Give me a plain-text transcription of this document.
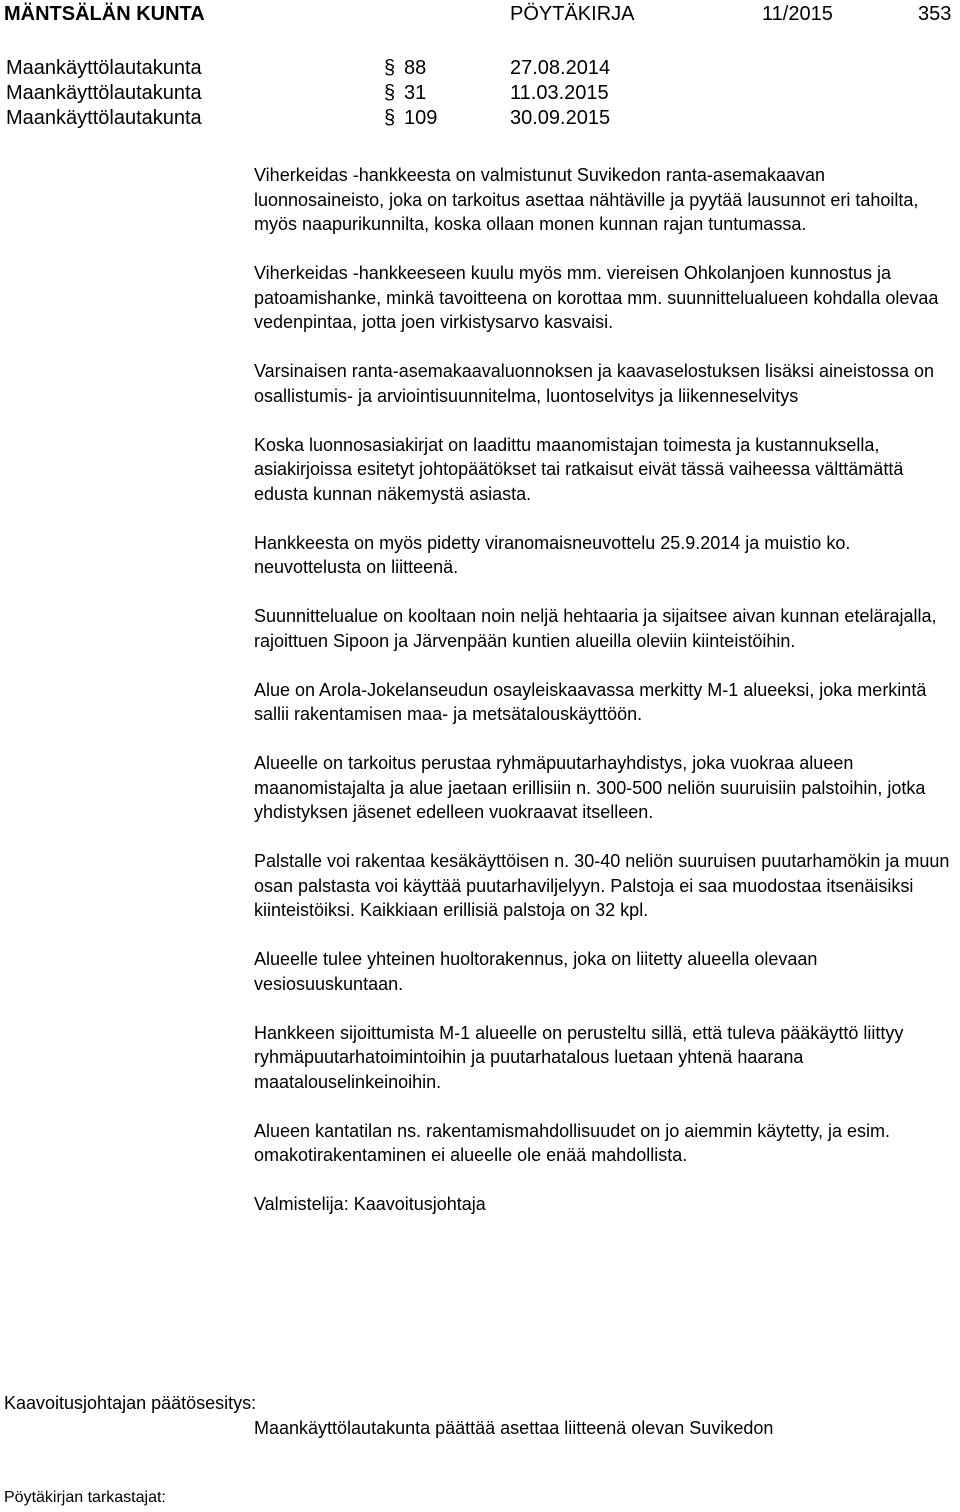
MÄNTSÄLÄN KUNTA	PÖYTÄKIRJA	11/2015	353
Maankäyttölautakunta	§ 88	27.08.2014
Maankäyttölautakunta	§ 31	11.03.2015
Maankäyttölautakunta	§ 109	30.09.2015

Viherkeidas -hankkeesta on valmistunut Suvikedon ranta-asemakaavan luonnosaineisto, joka on tarkoitus asettaa nähtäville ja pyytää lausunnot eri tahoilta, myös naapurikunnilta, koska ollaan monen kunnan rajan tuntumassa.

Viherkeidas -hankkeeseen kuulu myös mm. viereisen Ohkolanjoen kunnostus ja patoamishanke, minkä tavoitteena on korottaa mm. suunnittelualueen kohdalla olevaa vedenpintaa, jotta joen virkistysarvo kasvaisi.

Varsinaisen ranta-asemakaavaluonnoksen ja kaavaselostuksen lisäksi aineistossa on osallistumis- ja arviointisuunnitelma, luontoselvitys ja liikenneselvitys

Koska luonnosasiakirjat on laadittu maanomistajan toimesta ja kustannuksella, asiakirjoissa esitetyt johtopäätökset tai ratkaisut eivät tässä vaiheessa välttämättä edusta kunnan näkemystä asiasta.

Hankkeesta on myös pidetty viranomaisneuvottelu 25.9.2014 ja muistio ko. neuvottelusta on liitteenä.

Suunnittelualue on kooltaan noin neljä hehtaaria ja sijaitsee aivan kunnan etelärajalla, rajoittuen Sipoon ja Järvenpään kuntien alueilla oleviin kiinteistöihin.

Alue on Arola-Jokelanseudun osayleiskaavassa merkitty M-1 alueeksi, joka merkintä sallii rakentamisen maa- ja metsätalouskäyttöön.

Alueelle on tarkoitus perustaa ryhmäpuutarhayhdistys, joka vuokraa alueen maanomistajalta ja alue jaetaan erillisiin n. 300-500 neliön suuruisiin palstoihin, jotka yhdistyksen jäsenet edelleen vuokraavat itselleen.

Palstalle voi rakentaa kesäkäyttöisen n. 30-40 neliön suuruisen puutarhamökin ja muun osan palstasta voi käyttää puutarhaviljelyyn. Palstoja ei saa muodostaa itsenäisiksi kiinteistöiksi. Kaikkiaan erillisiä palstoja on 32 kpl.

Alueelle tulee yhteinen huoltorakennus, joka on liitetty alueella olevaan vesiosuuskuntaan.

Hankkeen sijoittumista M-1 alueelle on perusteltu sillä, että tuleva pääkäyttö liittyy ryhmäpuutarhatoimintoihin ja puutarhatalous luetaan yhtenä haarana maatalouselinkeinoihin.

Alueen kantatilan ns. rakentamismahdollisuudet on jo aiemmin käytetty, ja esim. omakotirakentaminen ei alueelle ole enää mahdollista.

Valmistelija: Kaavoitusjohtaja

Kaavoitusjohtajan päätösesitys:
Maankäyttölautakunta päättää asettaa liitteenä olevan Suvikedon
Pöytäkirjan tarkastajat:
